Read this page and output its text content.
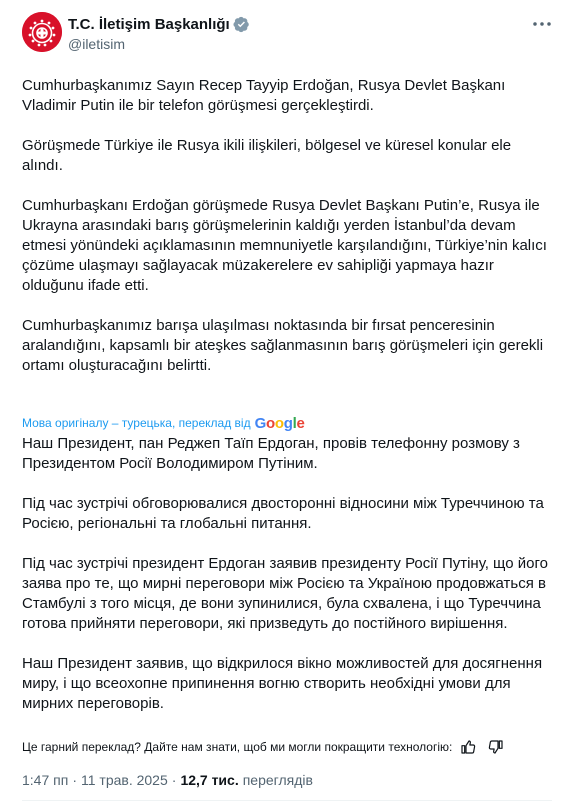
T.C. İletişim Başkanlığı
@iletisim

Cumhurbaşkanımız Sayın Recep Tayyip Erdoğan, Rusya Devlet Başkanı Vladimir Putin ile bir telefon görüşmesi gerçekleştirdi.

Görüşmede Türkiye ile Rusya ikili ilişkileri, bölgesel ve küresel konular ele alındı.

Cumhurbaşkanı Erdoğan görüşmede Rusya Devlet Başkanı Putin’e, Rusya ile Ukrayna arasındaki barış görüşmelerinin kaldığı yerden İstanbul’da devam etmesi yönündeki açıklamasının memnuniyetle karşılandığını, Türkiye’nin kalıcı çözüme ulaşmayı sağlayacak müzakerelere ev sahipliği yapmaya hazır olduğunu ifade etti.

Cumhurbaşkanımız barışa ulaşılması noktasında bir fırsat penceresinin aralandığını, kapsamlı bir ateşkes sağlanmasının barış görüşmeleri için gerekli ortamı oluşturacağını belirtti.

Мова оригіналу – турецька, переклад від G o o g l e

Наш Президент, пан Реджеп Таїп Ердоган, провів телефонну розмову з Президентом Росії Володимиром Путіним.

Під час зустрічі обговорювалися двосторонні відносини між Туреччиною та Росією, регіональні та глобальні питання.

Під час зустрічі президент Ердоган заявив президенту Росії Путіну, що його заява про те, що мирні переговори між Росією та Україною продовжаться в Стамбулі з того місця, де вони зупинилися, була схвалена, і що Туреччина готова прийняти переговори, які призведуть до постійного вирішення.

Наш Президент заявив, що відкрилося вікно можливостей для досягнення миру, і що всеохопне припинення вогню створить необхідні умови для мирних переговорів.

Це гарний переклад? Дайте нам знати, щоб ми могли покращити технологію:
1:47 пп · 11 трав. 2025 · 12,7 тис. переглядів
